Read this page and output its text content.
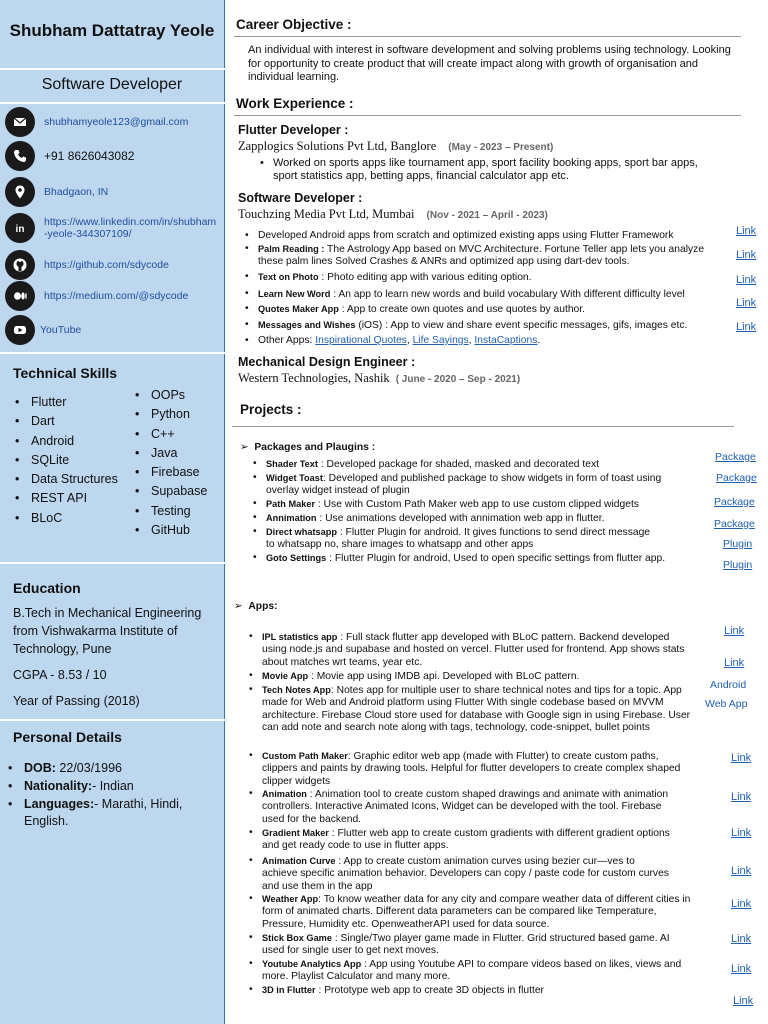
Shubham Dattatray Yeole
Software Developer
shubhamyeole123@gmail.com
+91 8626043082
Bhadgaon, IN
in
https://www.linkedin.com/in/shubham-yeole-344307109/
https://github.com/sdycode
https://medium.com/@sdycode
YouTube
Technical Skills
• Flutter
• Dart
• Android
• SQLite
• Data Structures
• REST API
• BLoC
• OOPs
• Python
• C++
• Java
• Firebase
• Supabase
• Testing
• GitHub
Education
B.Tech in Mechanical Engineering from Vishwakarma Institute of Technology, Pune
CGPA - 8.53 / 10
Year of Passing (2018)
Personal Details
• DOB: 22/03/1996
• Nationality:- Indian
• Languages:- Marathi, Hindi, English.
Career Objective :
An individual with interest in software development and solving problems using technology. Looking for opportunity to create product that will create impact along with growth of organisation and individual learning.
Work Experience :
Flutter Developer :
Zapplogics Solutions Pvt Ltd, Banglore (May - 2023 – Present)
• Worked on sports apps like tournament app, sport facility booking apps, sport bar apps, sport statistics app, betting apps, financial calculator app etc.
Software Developer :
Touchzing Media Pvt Ltd, Mumbai (Nov - 2021 – April - 2023)
• Developed Android apps from scratch and optimized existing apps using Flutter Framework
• Palm Reading : The Astrology App based on MVC Architecture. Fortune Teller app lets you analyze these palm lines Solved Crashes & ANRs and optimized app using dart-dev tools.
• Text on Photo : Photo editing app with various editing option.
• Learn New Word : An app to learn new words and build vocabulary With different difficulty level
• Quotes Maker App : App to create own quotes and use quotes by author.
• Messages and Wishes (iOS) : App to view and share event specific messages, gifs, images etc.
• Other Apps: Inspirational Quotes, Life Sayings, InstaCaptions.
Link
Link
Link
Link
Link
Mechanical Design Engineer :
Western Technologies, Nashik ( June - 2020 – Sep - 2021)
Projects :
➢ Packages and Plaugins :
• Shader Text : Developed package for shaded, masked and decorated text
• Widget Toast: Developed and published package to show widgets in form of toast using overlay widget instead of plugin
• Path Maker : Use with Custom Path Maker web app to use custom clipped widgets
• Annimation : Use animations developed with annimation web app in flutter.
• Direct whatsapp : Flutter Plugin for android. It gives functions to send direct message to whatsapp no, share images to whatsapp and other apps
• Goto Settings : Flutter Plugin for android, Used to open specific settings from flutter app.
Package
Package
Package
Package
Plugin
Plugin
➢ Apps:
• IPL statistics app : Full stack flutter app developed with BLoC pattern. Backend developed using node.js and supabase and hosted on vercel. Flutter used for frontend. App shows stats about matches wrt teams, year etc.
• Movie App : Movie app using IMDB api. Developed with BLoC pattern.
• Tech Notes App: Notes app for multiple user to share technical notes and tips for a topic. App made for Web and Android platform using Flutter With single codebase based on MVVM architecture. Firebase Cloud store used for database with Google sign in using Firebase. User can add note and search note along with tags, technology, code-snippet, bullet points
• Custom Path Maker: Graphic editor web app (made with Flutter) to create custom paths, clippers and paints by drawing tools. Helpful for flutter developers to create complex shaped clipper widgets
• Animation : Animation tool to create custom shaped drawings and animate with animation controllers. Interactive Animated Icons, Widget can be developed with the tool. Firebase used for the backend.
• Gradient Maker : Flutter web app to create custom gradients with different gradient options and get ready code to use in flutter apps.
• Animation Curve : App to create custom animation curves using bezier cur—ves to achieve specific animation behavior. Developers can copy / paste code for custom curves and use them in the app
• Weather App: To know weather data for any city and compare weather data of different cities in form of animated charts. Different data parameters can be compared like Temperature, Pressure, Humidity etc. OpenweatherAPI used for data source.
• Stick Box Game : Single/Two player game made in Flutter. Grid structured based game. AI used for single user to get next moves.
• Youtube Analytics App : App using Youtube API to compare videos based on likes, views and more. Playlist Calculator and many more.
• 3D in Flutter : Prototype web app to create 3D objects in flutter
Link
Link
Android
Web App
Link
Link
Link
Link
Link
Link
Link
Link
